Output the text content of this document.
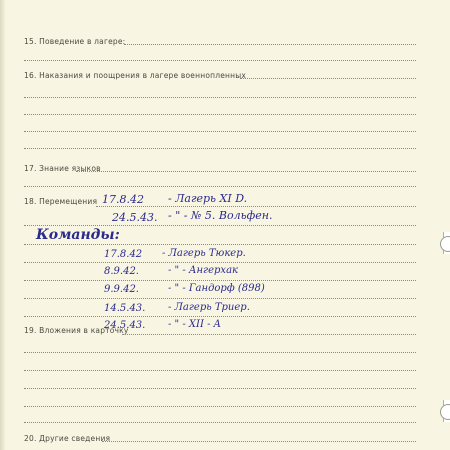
15. Поведение в лагере:
16. Наказания и поощрения в лагере военнопленных
17. Знание языков
18. Перемещения
19. Вложения в карточку
20. Другие сведения
17.8.42 - Лагерь XI D.
24.5.43. - " - № 5. Вольфен.
Команды:
17.8.42 - Лагерь Тюкер.
8.9.42.	- " - Ангерхак
9.9.42.	- " - Гандорф (898)
14.5.43. - Лагерь Триер.
24.5.43. - " - XII - A
